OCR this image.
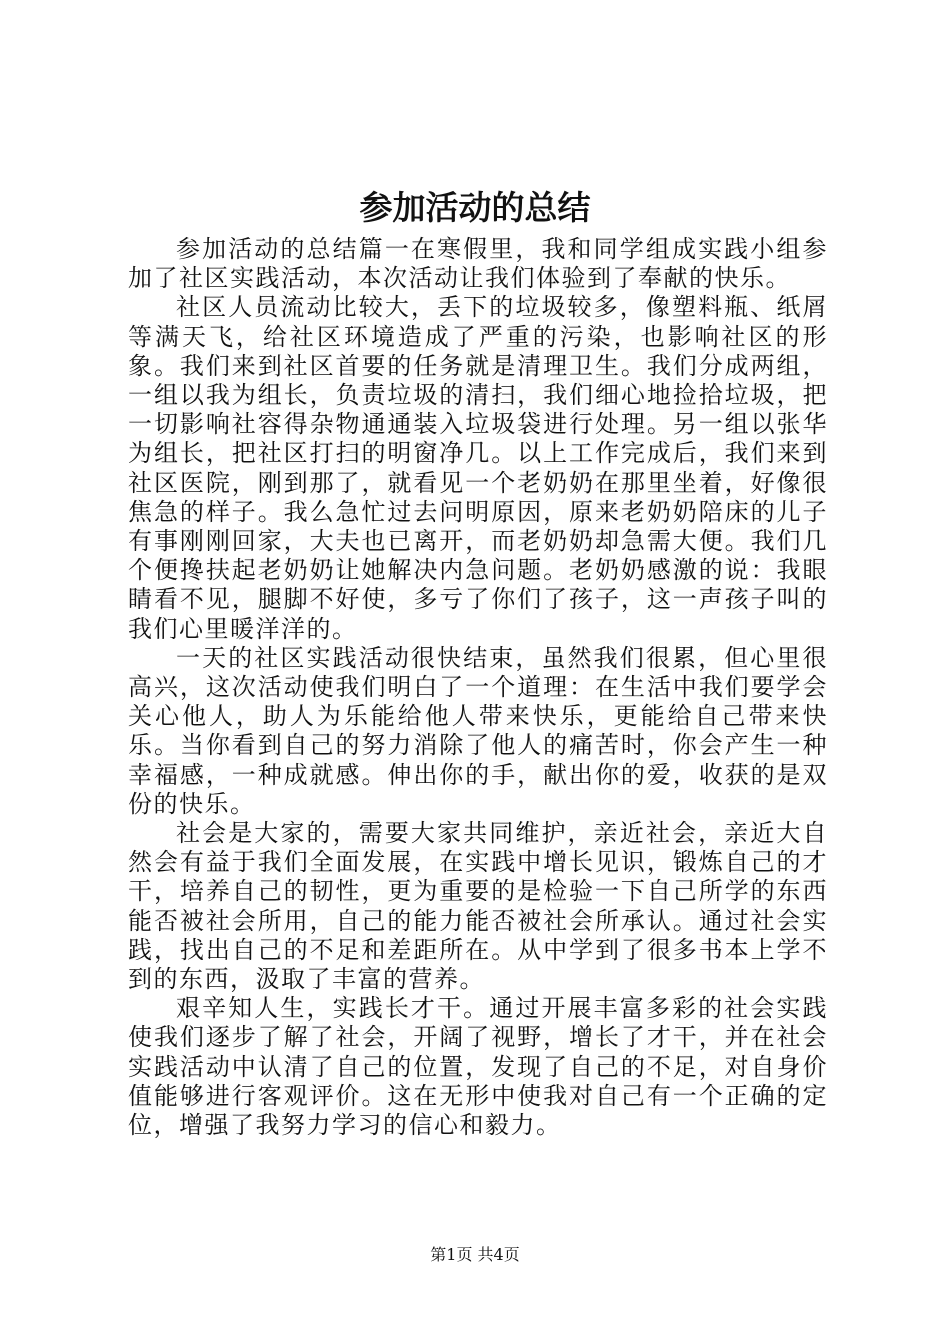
参加活动的总结

参加活动的总结篇一在寒假里，我和同学组成实践小组参加了社区实践活动，本次活动让我们体验到了奉献的快乐。

社区人员流动比较大，丢下的垃圾较多，像塑料瓶、纸屑等满天飞，给社区环境造成了严重的污染，也影响社区的形象。我们来到社区首要的任务就是清理卫生。我们分成两组，一组以我为组长，负责垃圾的清扫，我们细心地捡拾垃圾，把一切影响社容得杂物通通装入垃圾袋进行处理。另一组以张华为组长，把社区打扫的明窗净几。以上工作完成后，我们来到社区医院，刚到那了，就看见一个老奶奶在那里坐着，好像很焦急的样子。我么急忙过去问明原因，原来老奶奶陪床的儿子有事刚刚回家，大夫也已离开，而老奶奶却急需大便。我们几个便搀扶起老奶奶让她解决内急问题。老奶奶感激的说：我眼睛看不见，腿脚不好使，多亏了你们了孩子，这一声孩子叫的我们心里暖洋洋的。

一天的社区实践活动很快结束，虽然我们很累，但心里很高兴，这次活动使我们明白了一个道理：在生活中我们要学会关心他人，助人为乐能给他人带来快乐，更能给自己带来快乐。当你看到自己的努力消除了他人的痛苦时，你会产生一种幸福感，一种成就感。伸出你的手，献出你的爱，收获的是双份的快乐。

社会是大家的，需要大家共同维护，亲近社会，亲近大自然会有益于我们全面发展，在实践中增长见识，锻炼自己的才干，培养自己的韧性，更为重要的是检验一下自己所学的东西能否被社会所用，自己的能力能否被社会所承认。通过社会实践，找出自己的不足和差距所在。从中学到了很多书本上学不到的东西，汲取了丰富的营养。

艰辛知人生，实践长才干。通过开展丰富多彩的社会实践使我们逐步了解了社会，开阔了视野，增长了才干，并在社会实践活动中认清了自己的位置，发现了自己的不足，对自身价值能够进行客观评价。这在无形中使我对自己有一个正确的定位，增强了我努力学习的信心和毅力。

第1页 共4页
